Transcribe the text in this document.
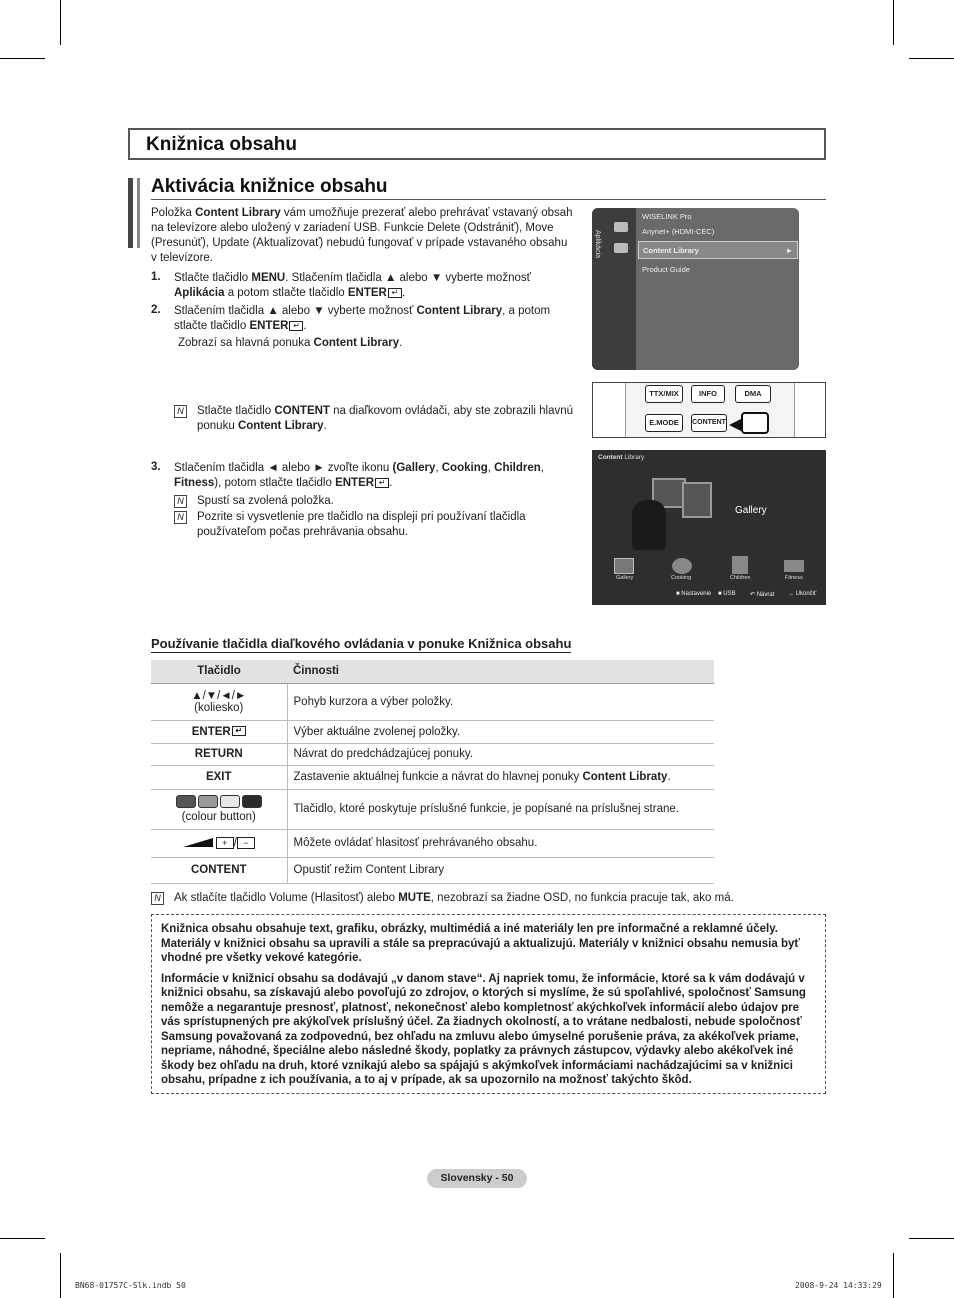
Knižnica obsahu
Aktivácia knižnice obsahu
Položka Content Library vám umožňuje prezerať alebo prehrávať vstavaný obsah na televízore alebo uložený v zariadení USB. Funkcie Delete (Odstrániť), Move (Presunúť), Update (Aktualizovať) nebudú fungovať v prípade vstavaného obsahu v televízore.
1. Stlačte tlačidlo MENU. Stlačením tlačidla ▲ alebo ▼ vyberte možnosť Aplikácia a potom stlačte tlačidlo ENTER ↵ .
2. Stlačením tlačidla ▲ alebo ▼ vyberte možnosť Content Library, a potom stlačte tlačidlo ENTER ↵ .
Zobrazí sa hlavná ponuka Content Library.
N Stlačte tlačidlo CONTENT na diaľkovom ovládači, aby ste zobrazili hlavnú ponuku Content Library.
3. Stlačením tlačidla ◄ alebo ► zvoľte ikonu (Gallery, Cooking, Children, Fitness), potom stlačte tlačidlo ENTER ↵ .
N Spustí sa zvolená položka.
N Pozrite si vysvetlenie pre tlačidlo na displeji pri používaní tlačidla používateľom počas prehrávania obsahu.
Aplikácia
WISELINK Pro
Anynet+ (HDMI-CEC)
Content Library	►
Product Guide
TTX/MIX	INFO	DMA
E.MODE	CONTENT
Content Library
Gallery
Gallery	Cooking	Children	Fitness
■ Nastavenie ■ USB ↶ Návrat → Ukončiť
Používanie tlačidla diaľkového ovládania v ponuke Knižnica obsahu
Tlačidlo	Činnosti

▲/▼/◄/►
(koliesko)	Pohyb kurzora a výber položky.
ENTER ↵	Výber aktuálne zvolenej položky.
RETURN	Návrat do predchádzajúcej ponuky.
EXIT	Zastavenie aktuálnej funkcie a návrat do hlavnej ponuky Content Libraty.

(colour button)	Tlačidlo, ktoré poskytuje príslušné funkcie, je popísané na príslušnej strane.
+ / −	Môžete ovládať hlasitosť prehrávaného obsahu.
CONTENT	Opustiť režim Content Library
N Ak stlačíte tlačidlo Volume (Hlasitosť) alebo MUTE, nezobrazí sa žiadne OSD, no funkcia pracuje tak, ako má.

Knižnica obsahu obsahuje text, grafiku, obrázky, multimédiá a iné materiály len pre informačné a reklamné účely. Materiály v knižnici obsahu sa upravili a stále sa prepracúvajú a aktualizujú. Materiály v knižnici obsahu nemusia byť vhodné pre všetky vekové kategórie.

Informácie v knižnici obsahu sa dodávajú „v danom stave“. Aj napriek tomu, že informácie, ktoré sa k vám dodávajú v knižnici obsahu, sa získavajú alebo povoľujú zo zdrojov, o ktorých si myslíme, že sú spoľahlivé, spoločnosť Samsung nemôže a negarantuje presnosť, platnosť, nekonečnosť alebo kompletnosť akýchkoľvek informácií alebo údajov pre vás sprístupnených pre akýkoľvek príslušný účel. Za žiadnych okolností, a to vrátane nedbalosti, nebude spoločnosť Samsung považovaná za zodpovednú, bez ohľadu na zmluvu alebo úmyselné porušenie práva, za akékoľvek priame, nepriame, náhodné, špeciálne alebo následné škody, poplatky za právnych zástupcov, výdavky alebo akékoľvek iné škody bez ohľadu na druh, ktoré vznikajú alebo sa spájajú s akýmkoľvek informáciami nachádzajúcimi sa v knižnici obsahu, prípadne z ich používania, a to aj v prípade, ak sa upozornilo na možnosť takýchto škôd.

Slovensky - 50
BN68-01757C-Slk.indb 50	2008-9-24 14:33:29
